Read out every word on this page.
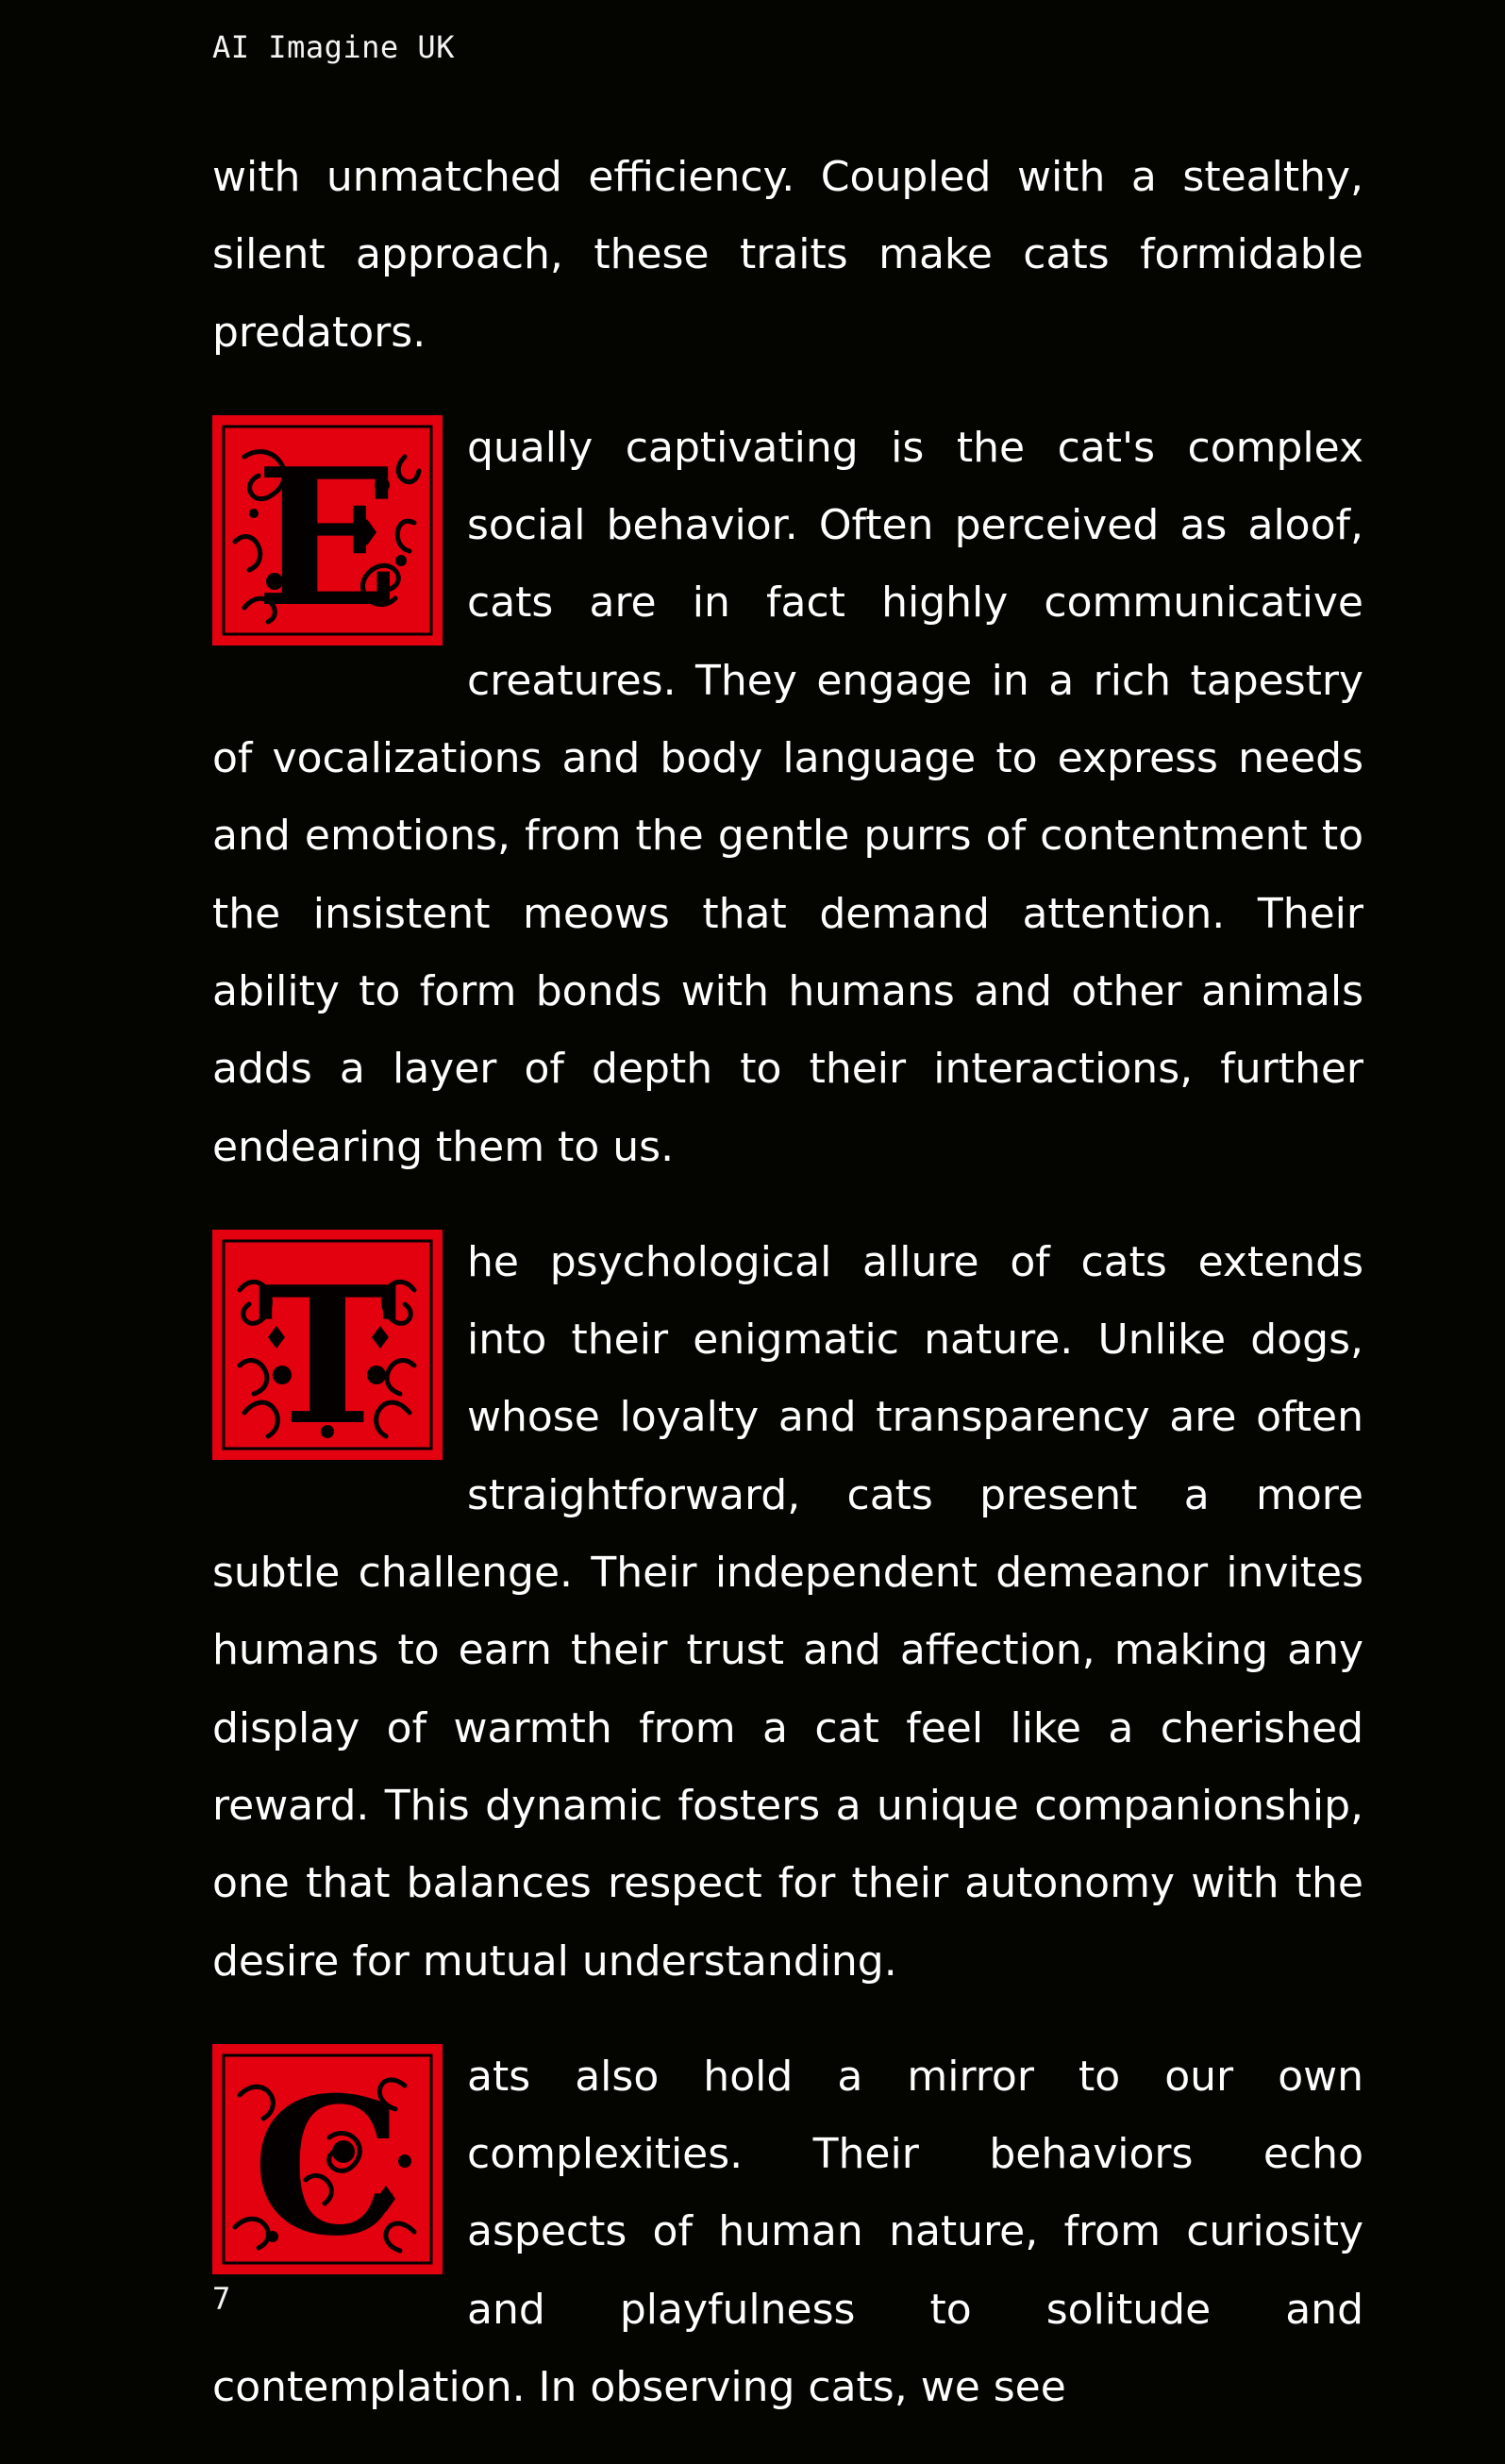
AI Imagine UK

with unmatched efficiency. Coupled with a stealthy, silent approach, these traits make cats formidable predators.

E qually captivating is the cat's complex social behavior. Often perceived as aloof, cats are in fact highly communicative creatures. They engage in a rich tapestry of vocalizations and body language to express needs and emotions, from the gentle purrs of contentment to the insistent meows that demand attention. Their ability to form bonds with humans and other animals adds a layer of depth to their interactions, further endearing them to us.

T he psychological allure of cats extends into their enigmatic nature. Unlike dogs, whose loyalty and transparency are often straightforward, cats present a more subtle challenge. Their independent demeanor invites humans to earn their trust and affection, making any display of warmth from a cat feel like a cherished reward. This dynamic fosters a unique companionship, one that balances respect for their autonomy with the desire for mutual understanding.

C ats also hold a mirror to our own complexities. Their behaviors echo aspects of human nature, from curiosity and playfulness to solitude and contemplation. In observing cats, we see

7
